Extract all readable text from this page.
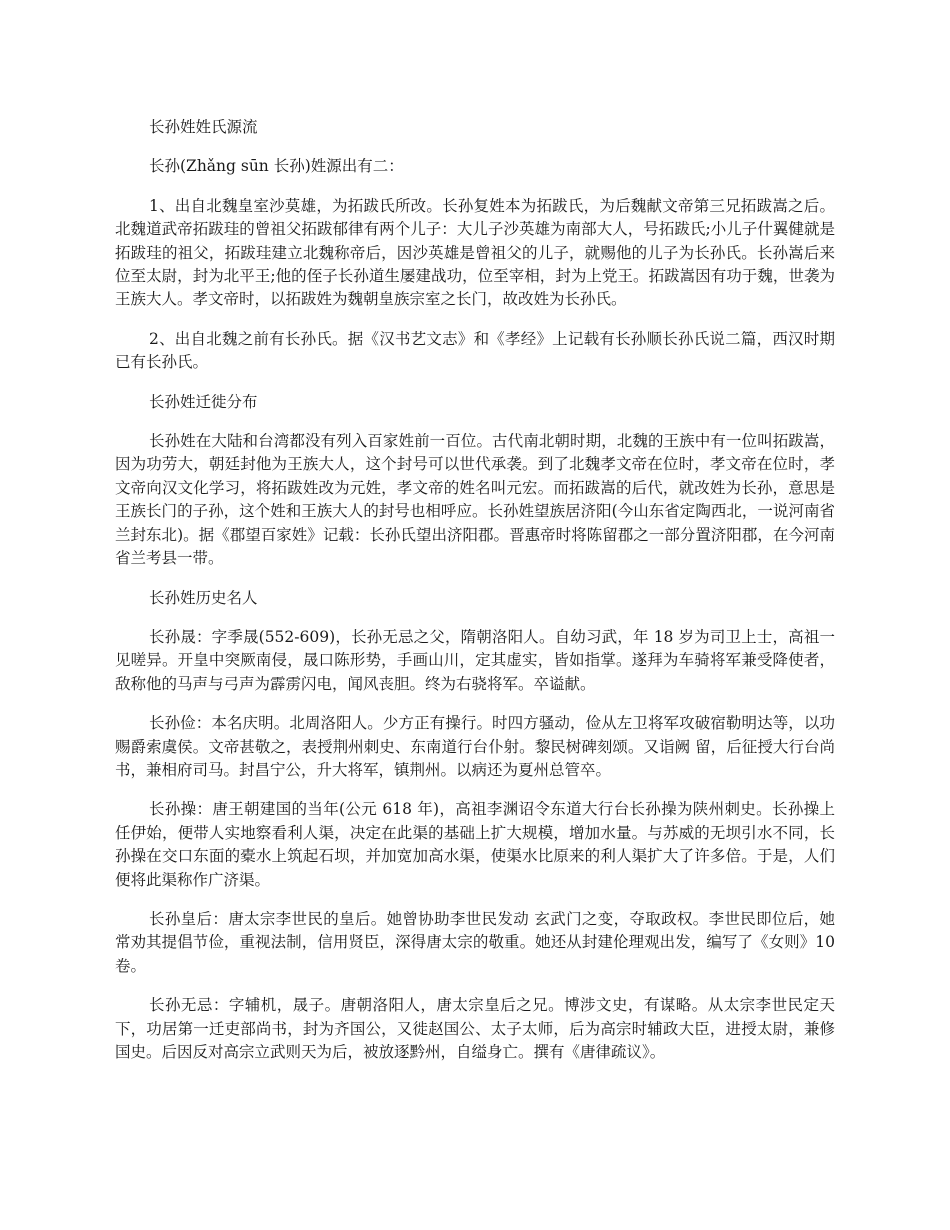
长孙姓姓氏源流

长孙(Zhǎng sūn 长孙)姓源出有二：

1、出自北魏皇室沙莫雄，为拓跋氏所改。长孙复姓本为拓跋氏，为后魏献文帝第三兄拓跋嵩之后。北魏道武帝拓跋珪的曾祖父拓跋郁律有两个儿子：大儿子沙英雄为南部大人，号拓跋氏;小儿子什翼健就是拓跋珪的祖父，拓跋珪建立北魏称帝后，因沙英雄是曾祖父的儿子，就赐他的儿子为长孙氏。长孙嵩后来位至太尉，封为北平王;他的侄子长孙道生屡建战功，位至宰相，封为上党王。拓跋嵩因有功于魏，世袭为王族大人。孝文帝时，以拓跋姓为魏朝皇族宗室之长门，故改姓为长孙氏。

2、出自北魏之前有长孙氏。据《汉书艺文志》和《孝经》上记载有长孙顺长孙氏说二篇，西汉时期已有长孙氏。

长孙姓迁徙分布

长孙姓在大陆和台湾都没有列入百家姓前一百位。古代南北朝时期，北魏的王族中有一位叫拓跋嵩，因为功劳大，朝廷封他为王族大人，这个封号可以世代承袭。到了北魏孝文帝在位时，孝文帝在位时，孝文帝向汉文化学习，将拓跋姓改为元姓，孝文帝的姓名叫元宏。而拓跋嵩的后代，就改姓为长孙，意思是王族长门的子孙，这个姓和王族大人的封号也相呼应。长孙姓望族居济阳(今山东省定陶西北，一说河南省兰封东北)。据《郡望百家姓》记载：长孙氏望出济阳郡。晋惠帝时将陈留郡之一部分置济阳郡，在今河南省兰考县一带。

长孙姓历史名人

长孙晟：字季晟(552-609)，长孙无忌之父，隋朝洛阳人。自幼习武，年 18 岁为司卫上士，高祖一见嗟异。开皇中突厥南侵，晟口陈形势，手画山川，定其虚实，皆如指掌。遂拜为车骑将军兼受降使者，敌称他的马声与弓声为霹雳闪电，闻风丧胆。终为右骁将军。卒谥献。

长孙俭：本名庆明。北周洛阳人。少方正有操行。时四方骚动，俭从左卫将军攻破宿勒明达等，以功赐爵索虞侯。文帝甚敬之，表授荆州刺史、东南道行台仆射。黎民树碑刻颂。又诣阙 留，后征授大行台尚书，兼相府司马。封昌宁公，升大将军，镇荆州。以病还为夏州总管卒。

长孙操：唐王朝建国的当年(公元 618 年)，高祖李渊诏令东道大行台长孙操为陕州刺史。长孙操上任伊始，便带人实地察看利人渠，决定在此渠的基础上扩大规模，增加水量。与苏威的无坝引水不同，长孙操在交口东面的橐水上筑起石坝，并加宽加高水渠，使渠水比原来的利人渠扩大了许多倍。于是，人们便将此渠称作广济渠。

长孙皇后：唐太宗李世民的皇后。她曾协助李世民发动 玄武门之变，夺取政权。李世民即位后，她常劝其提倡节俭，重视法制，信用贤臣，深得唐太宗的敬重。她还从封建伦理观出发，编写了《女则》10 卷。

长孙无忌：字辅机，晟子。唐朝洛阳人，唐太宗皇后之兄。博涉文史，有谋略。从太宗李世民定天下，功居第一迁吏部尚书，封为齐国公，又徙赵国公、太子太师，后为高宗时辅政大臣，进授太尉，兼修国史。后因反对高宗立武则天为后，被放逐黔州，自缢身亡。撰有《唐律疏议》。
